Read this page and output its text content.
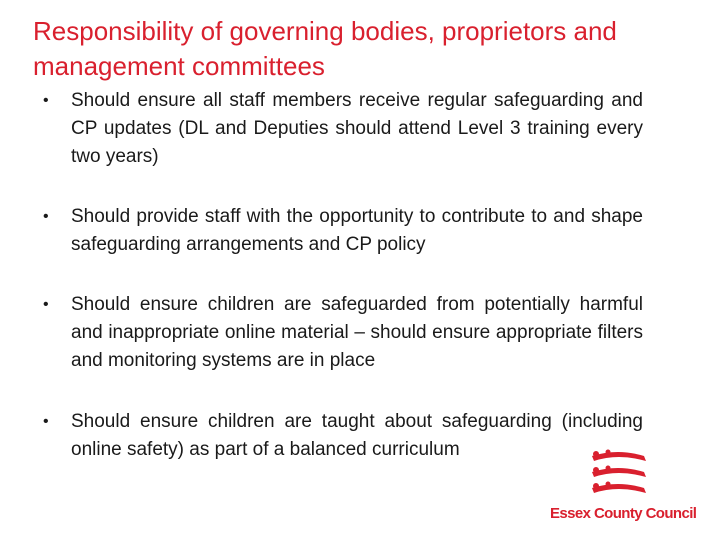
Responsibility of governing bodies, proprietors and management committees
•	Should ensure all staff members receive regular safeguarding and CP updates (DL and Deputies should attend Level 3 training every two years)
•	Should provide staff with the opportunity to contribute to and shape safeguarding arrangements and CP policy
•	Should ensure children are safeguarded from potentially harmful and inappropriate online material – should ensure appropriate filters and monitoring systems are in place
•	Should ensure children are taught about safeguarding (including online safety) as part of a balanced curriculum
Essex County Council
